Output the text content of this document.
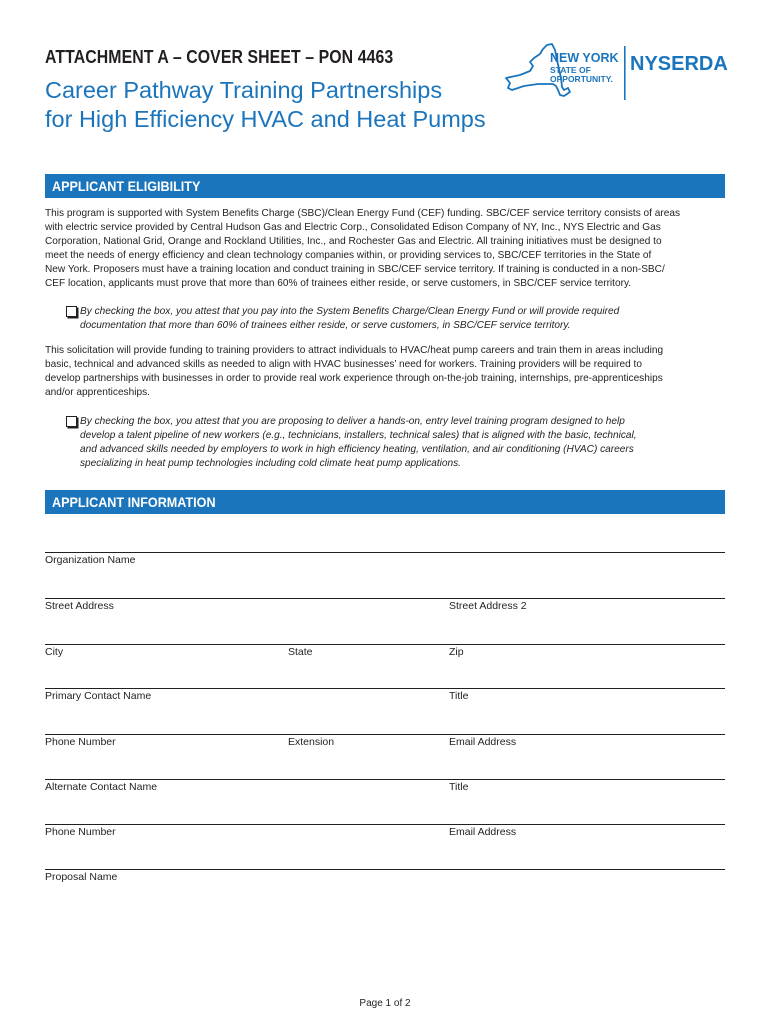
ATTACHMENT A – COVER SHEET – PON 4463
Career Pathway Training Partnerships
for High Efficiency HVAC and Heat Pumps
NEW YORK
STATE OF
OPPORTUNITY.
NYSERDA
APPLICANT ELIGIBILITY

This program is supported with System Benefits Charge (SBC)/Clean Energy Fund (CEF) funding. SBC/CEF service territory consists of areas
with electric service provided by Central Hudson Gas and Electric Corp., Consolidated Edison Company of NY, Inc., NYS Electric and Gas
Corporation, National Grid, Orange and Rockland Utilities, Inc., and Rochester Gas and Electric. All training initiatives must be designed to
meet the needs of energy efficiency and clean technology companies within, or providing services to, SBC/CEF territories in the State of
New York. Proposers must have a training location and conduct training in SBC/CEF service territory. If training is conducted in a non-SBC/
CEF location, applicants must prove that more than 60% of trainees either reside, or serve customers, in SBC/CEF service territory.

By checking the box, you attest that you pay into the System Benefits Charge/Clean Energy Fund or will provide required
documentation that more than 60% of trainees either reside, or serve customers, in SBC/CEF service territory.

This solicitation will provide funding to training providers to attract individuals to HVAC/heat pump careers and train them in areas including
basic, technical and advanced skills as needed to align with HVAC businesses’ need for workers. Training providers will be required to
develop partnerships with businesses in order to provide real work experience through on-the-job training, internships, pre-apprenticeships
and/or apprenticeships.

By checking the box, you attest that you are proposing to deliver a hands-on, entry level training program designed to help
develop a talent pipeline of new workers (e.g., technicians, installers, technical sales) that is aligned with the basic, technical,
and advanced skills needed by employers to work in high efficiency heating, ventilation, and air conditioning (HVAC) careers
specializing in heat pump technologies including cold climate heat pump applications.

APPLICANT INFORMATION
Organization Name
Street Address	Street Address 2
City	State	Zip
Primary Contact Name	Title
Phone Number	Extension	Email Address
Alternate Contact Name	Title
Phone Number	Email Address
Proposal Name
Page 1 of 2
